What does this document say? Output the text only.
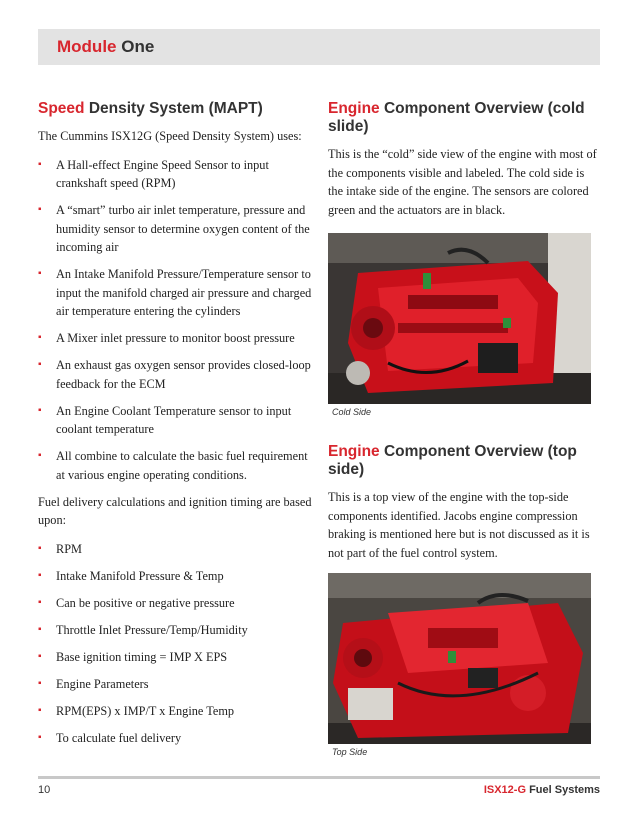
Module One
Speed Density System (MAPT)

The Cummins ISX12G (Speed Density System) uses:

▪ A Hall-effect Engine Speed Sensor to input crankshaft speed (RPM)
▪ A “smart” turbo air inlet temperature, pressure and humidity sensor to determine oxygen content of the incoming air
▪ An Intake Manifold Pressure/Temperature sensor to input the manifold charged air pressure and charged air temperature entering the cylinders
▪ A Mixer inlet pressure to monitor boost pressure
▪ An exhaust gas oxygen sensor provides closed-loop feedback for the ECM
▪ An Engine Coolant Temperature sensor to input coolant temperature
▪ All combine to calculate the basic fuel requirement at various engine operating conditions.

Fuel delivery calculations and ignition timing are based upon:

▪ RPM
▪ Intake Manifold Pressure & Temp
▪ Can be positive or negative pressure
▪ Throttle Inlet Pressure/Temp/Humidity
▪ Base ignition timing = IMP X EPS
▪ Engine Parameters
▪ RPM(EPS) x IMP/T x Engine Temp
▪ To calculate fuel delivery
Engine Component Overview (cold slide)

This is the “cold” side view of the engine with most of the components visible and labeled. The cold side is the intake side of the engine. The sensors are colored green and the actuators are in black.

Cold Side
Engine Component Overview (top side)

This is a top view of the engine with the top-side components identified. Jacobs engine compression braking is mentioned here but is not discussed as it is not part of the fuel control system.

Top Side
10	ISX12-G Fuel Systems
